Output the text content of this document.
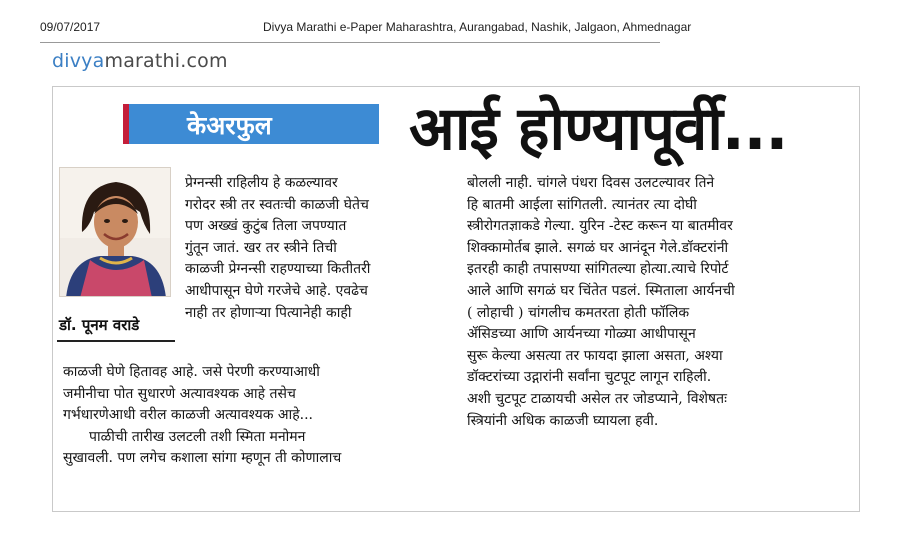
09/07/2017	Divya Marathi e-Paper Maharashtra, Aurangabad, Nashik, Jalgaon, Ahmednagar
divyamarathi.com
केअरफुल आई होण्यापूर्वी...
डॉ. पूनम वराडे
प्रेग्नन्सी राहिलीय हे कळल्यावर
गरोदर स्त्री तर स्वतःची काळजी घेतेच
पण अख्खं कुटुंब तिला जपण्यात
गुंतून जातं. खर तर स्त्रीने तिची
काळजी प्रेग्नन्सी राहण्याच्या कितीतरी
आधीपासून घेणे गरजेचे आहे. एवढेच
नाही तर होणाऱ्या पित्यानेही काही
काळजी घेणे हितावह आहे. जसे पेरणी करण्याआधी
जमीनीचा पोत सुधारणे अत्यावश्यक आहे तसेच
गर्भधारणेआधी वरील काळजी अत्यावश्यक आहे...
पाळीची तारीख उलटली तशी स्मिता मनोमन
सुखावली. पण लगेच कशाला सांगा म्हणून ती कोणालाच
बोलली नाही. चांगले पंधरा दिवस उलटल्यावर तिने
हि बातमी आईला सांगितली. त्यानंतर त्या दोघी
स्त्रीरोगतज्ञाकडे गेल्या. युरिन -टेस्ट करून या बातमीवर
शिक्कामोर्तब झाले. सगळं घर आनंदून गेले.डॉक्टरांनी
इतरही काही तपासण्या सांगितल्या होत्या.त्याचे रिपोर्ट
आले आणि सगळं घर चिंतेत पडलं. स्मिताला आर्यनची
( लोहाची ) चांगलीच कमतरता होती फॉलिक
ॲसिडच्या आणि आर्यनच्या गोळ्या आधीपासून
सुरू केल्या असत्या तर फायदा झाला असता, अश्या
डॉक्टरांच्या उद्गारांनी सर्वांना चुटपूट लागून राहिली.
अशी चुटपूट टाळायची असेल तर जोडप्याने, विशेषतः
स्त्रियांनी अधिक काळजी घ्यायला हवी.
